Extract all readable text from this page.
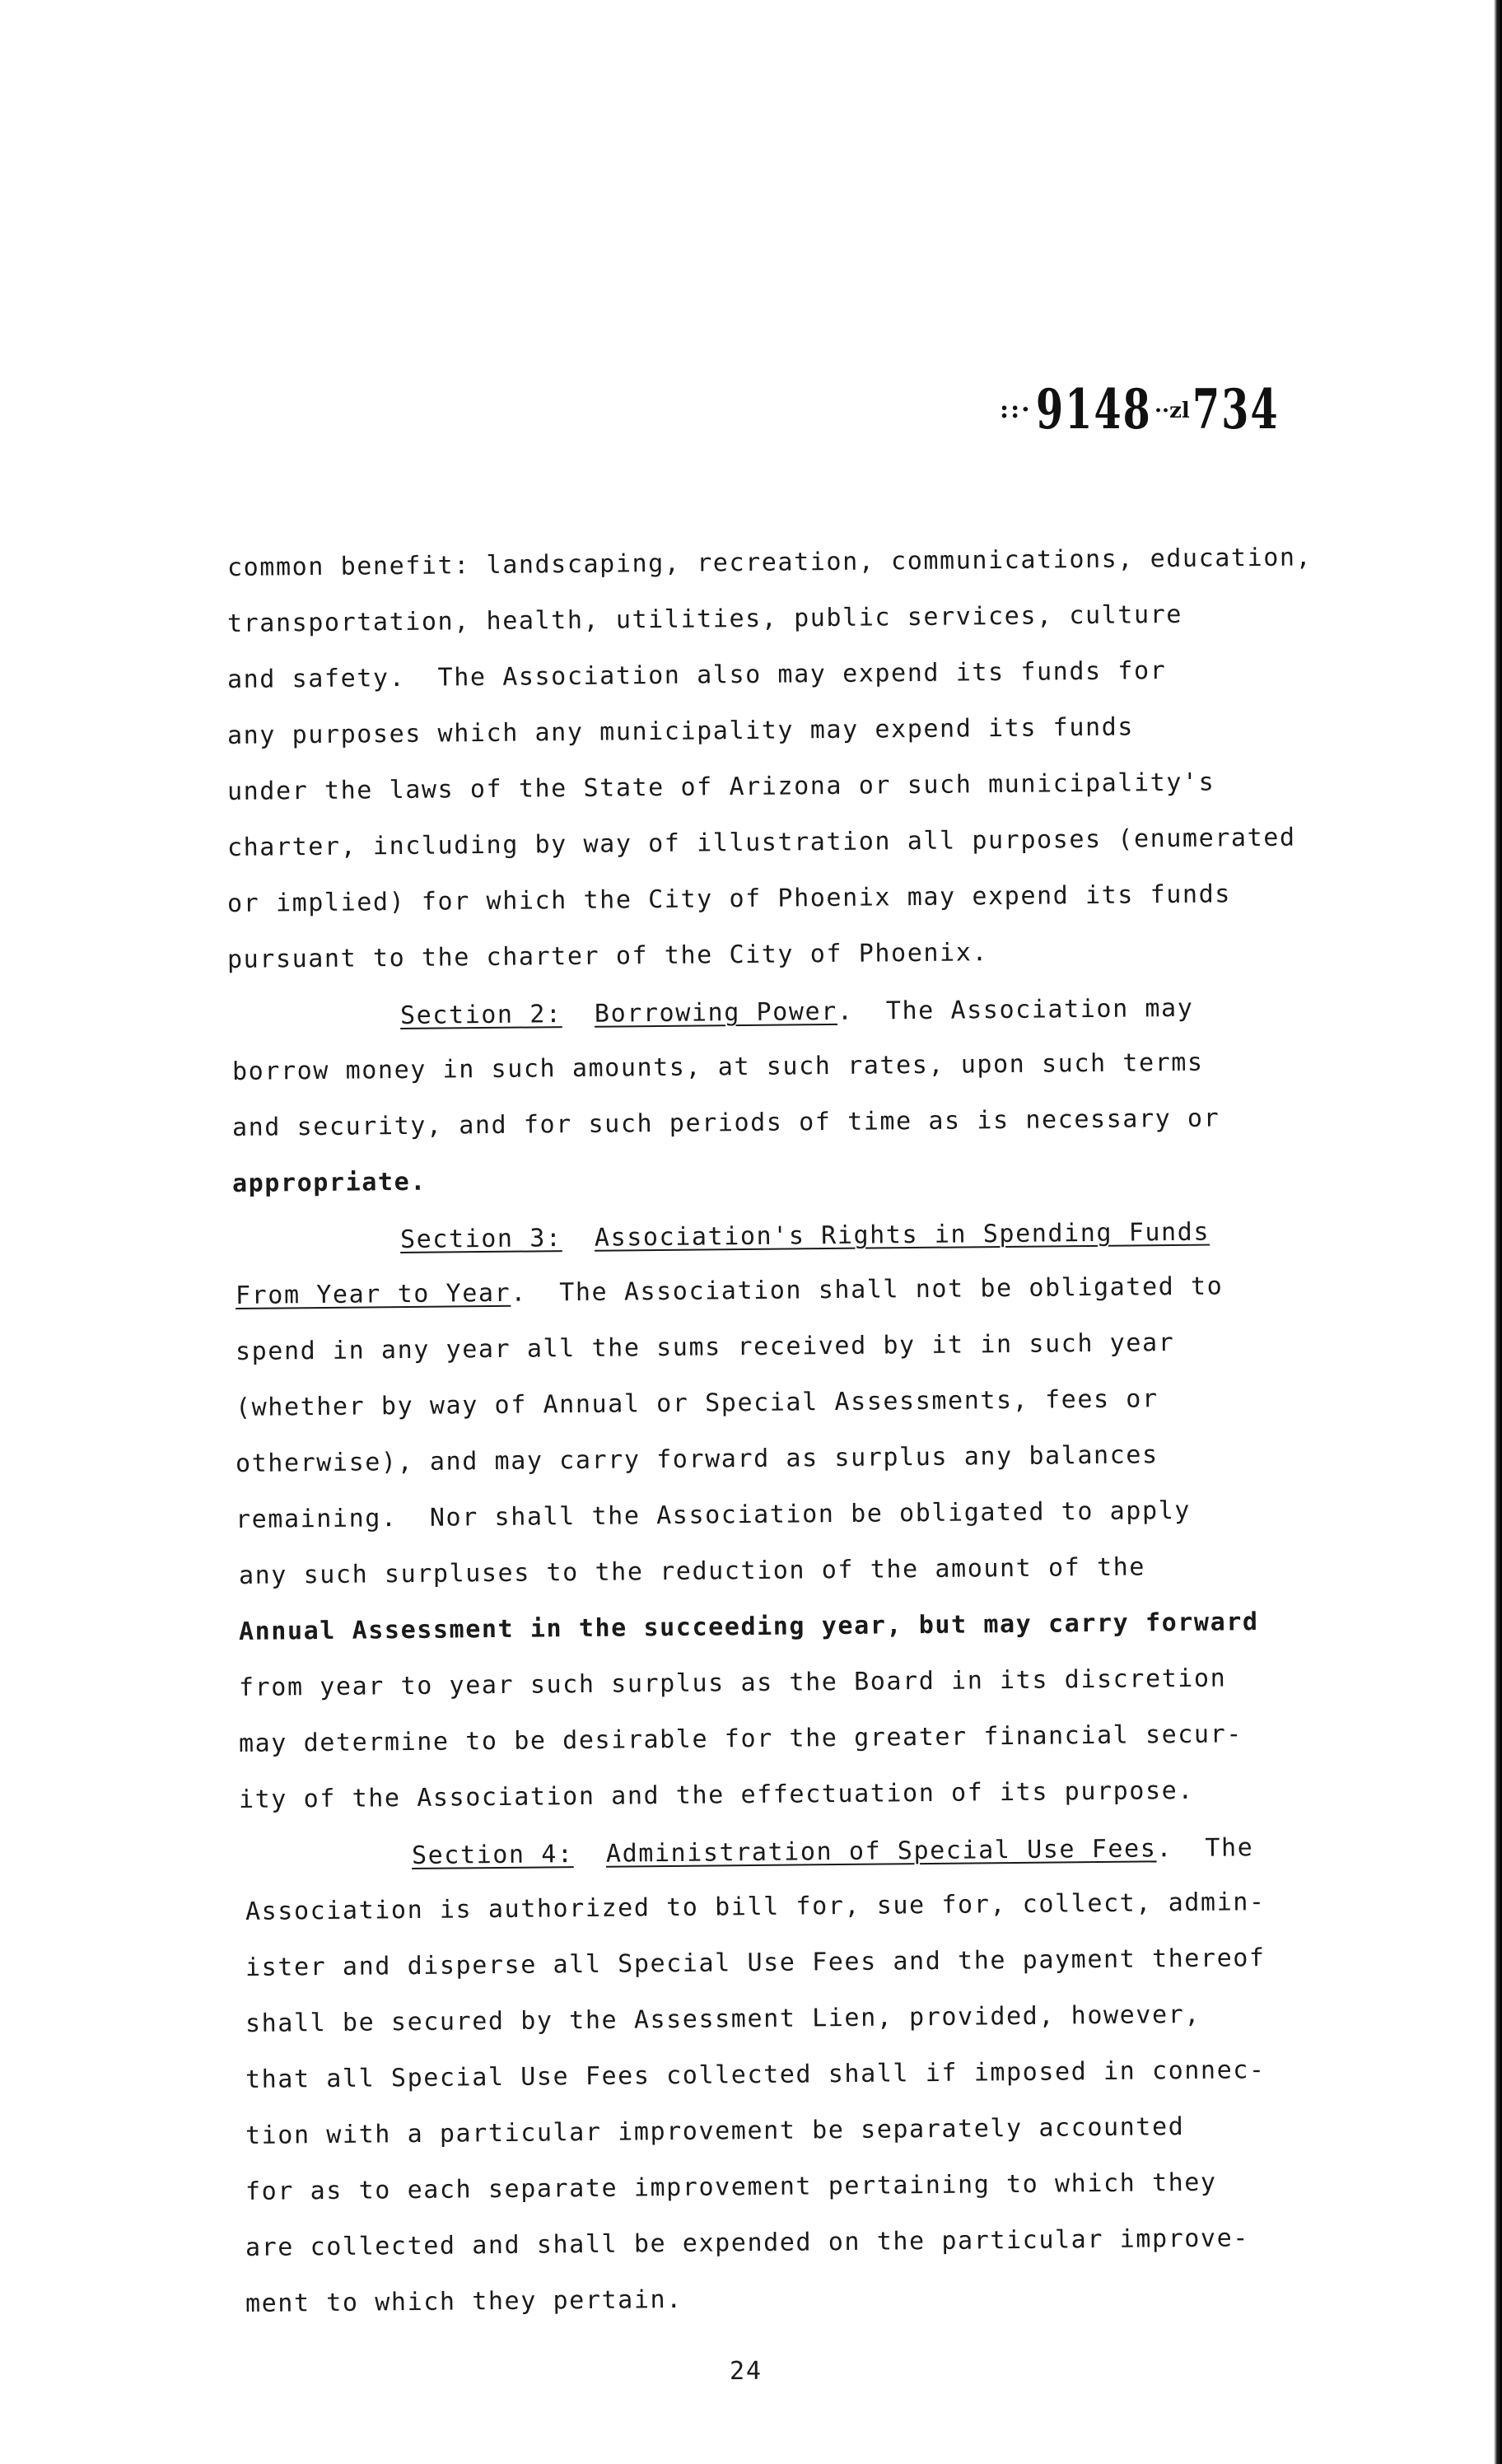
::· 9148 ··zl 734
common benefit: landscaping, recreation, communications, education,
transportation, health, utilities, public services, culture
and safety.  The Association also may expend its funds for
any purposes which any municipality may expend its funds
under the laws of the State of Arizona or such municipality's
charter, including by way of illustration all purposes (enumerated
or implied) for which the City of Phoenix may expend its funds
pursuant to the charter of the City of Phoenix.
Section 2: Borrowing Power.  The Association may
borrow money in such amounts, at such rates, upon such terms
and security, and for such periods of time as is necessary or
appropriate.
Section 3: Association's Rights in Spending Funds
From Year to Year.  The Association shall not be obligated to
spend in any year all the sums received by it in such year
(whether by way of Annual or Special Assessments, fees or
otherwise), and may carry forward as surplus any balances
remaining.  Nor shall the Association be obligated to apply
any such surpluses to the reduction of the amount of the
Annual Assessment in the succeeding year, but may carry forward
from year to year such surplus as the Board in its discretion
may determine to be desirable for the greater financial secur-
ity of the Association and the effectuation of its purpose.
Section 4: Administration of Special Use Fees.  The
Association is authorized to bill for, sue for, collect, admin-
ister and disperse all Special Use Fees and the payment thereof
shall be secured by the Assessment Lien, provided, however,
that all Special Use Fees collected shall if imposed in connec-
tion with a particular improvement be separately accounted
for as to each separate improvement pertaining to which they
are collected and shall be expended on the particular improve-
ment to which they pertain.
24
